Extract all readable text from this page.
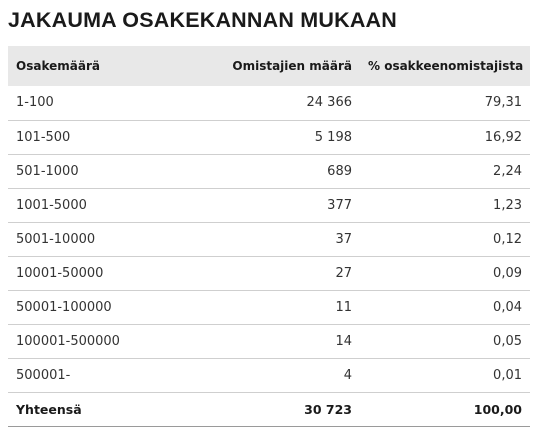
JAKAUMA OSAKEKANNAN MUKAAN
Osakemäärä	Omistajien määrä	% osakkeenomistajista
1-100	24 366	79,31
101-500	5 198	16,92
501-1000	689	2,24
1001-5000	377	1,23
5001-10000	37	0,12
10001-50000	27	0,09
50001-100000	11	0,04
100001-500000	14	0,05
500001-	4	0,01
Yhteensä	30 723	100,00
